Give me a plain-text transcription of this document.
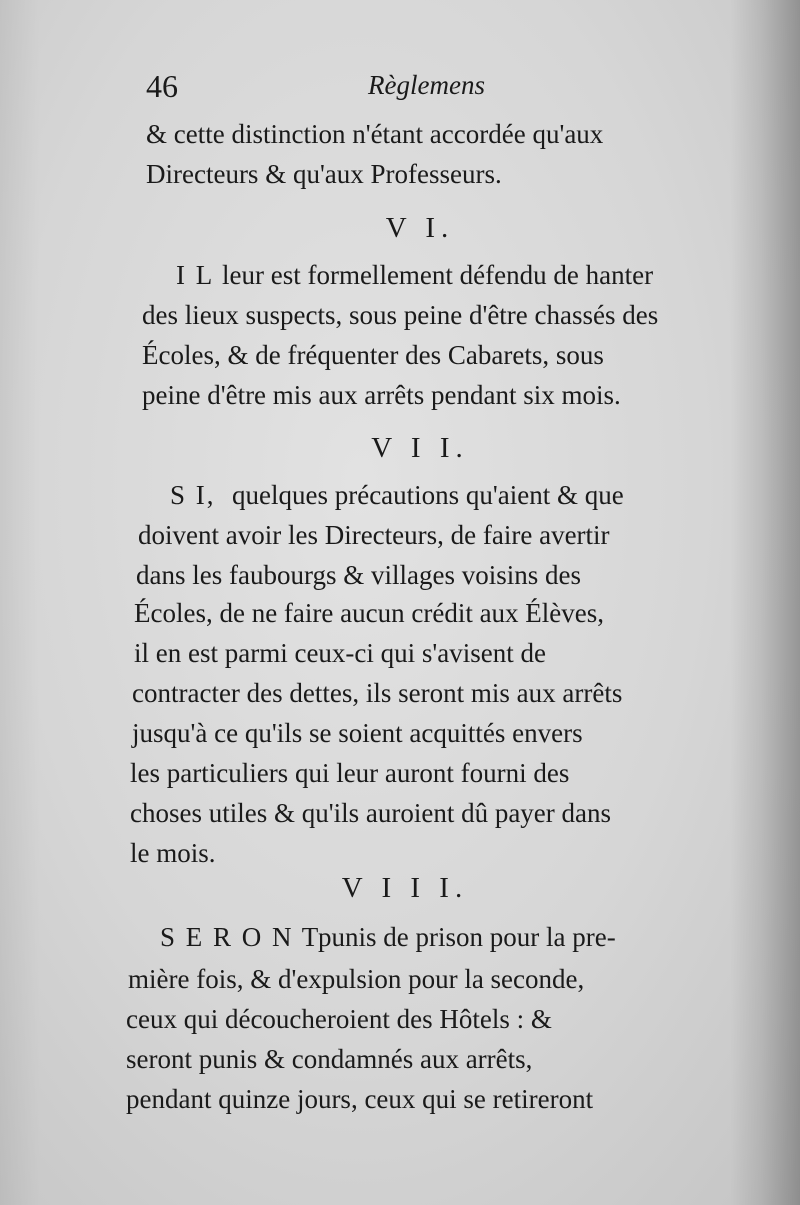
46	Règlemens
& cette distinction n'étant accordée qu'aux
Directeurs & qu'aux Professeurs.
V I.
I L leur est formellement défendu de hanter
des lieux suspects, sous peine d'être chassés des
Écoles, & de fréquenter des Cabarets, sous
peine d'être mis aux arrêts pendant six mois.
V I I.
S I, quelques précautions qu'aient & que
doivent avoir les Directeurs, de faire avertir
dans les faubourgs & villages voisins des
Écoles, de ne faire aucun crédit aux Élèves,
il en est parmi ceux-ci qui s'avisent de
contracter des dettes, ils seront mis aux arrêts
jusqu'à ce qu'ils se soient acquittés envers
les particuliers qui leur auront fourni des
choses utiles & qu'ils auroient dû payer dans
le mois.
V I I I.
S E R O N T
punis de prison pour la pre-
mière fois, & d'expulsion pour la seconde,
ceux qui découcheroient des Hôtels : &
seront punis & condamnés aux arrêts,
pendant quinze jours, ceux qui se retireront
